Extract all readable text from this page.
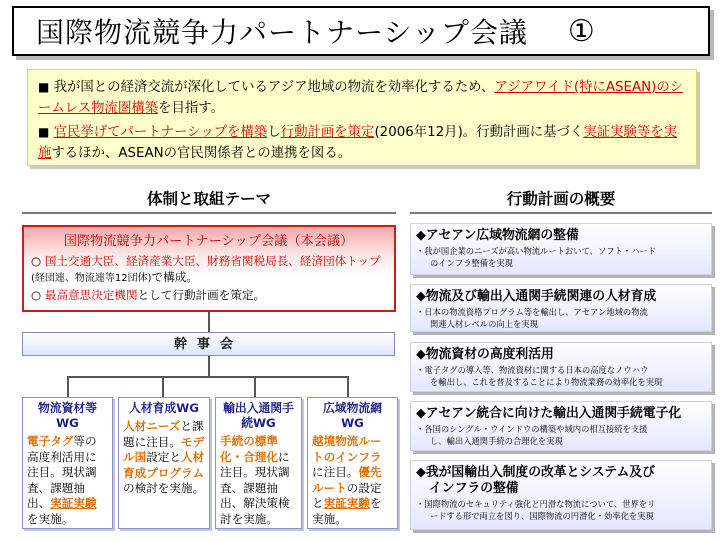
国際物流競争力パートナーシップ会議 ①

■ 我が国との経済交流が深化しているアジア地域の物流を効率化するため、アジアワイド(特にASEAN)のシームレス物流圏構築を目指す。

■ 官民挙げてパートナーシップを構築し行動計画を策定(2006年12月)。行動計画に基づく実証実験等を実施するほか、ASEANの官民関係者との連携を図る。

体制と取組テーマ	行動計画の概要
国際物流競争力パートナーシップ会議（本会議）

○ 国土交通大臣、経済産業大臣、財務省関税局長、経済団体トップ(経団連、物流連等12団体)で構成。

○ 最高意思決定機関として行動計画を策定。

幹事会
物流資材等WG
電子タグ等の高度利活用に注目。現状調査、課題抽出、実証実験を実施。
人材育成WG
人材ニーズと課題に注目。モデル国設定と人材育成プログラムの検討を実施。
輸出入通関手続WG
手続の標準化・合理化に注目。現状調査、課題抽出、解決策検討を実施。
広域物流網WG
越境物流ルートのインフラに注目。優先ルートの設定と実証実験を実施。
◆アセアン広域物流網の整備
・我が国企業のニーズが高い物流ルートおいて、ソフト・ハード
のインフラ整備を実現
◆物流及び輸出入通関手続関連の人材育成
・日本の物流資格プログラム等を輸出し、アセアン地域の物流
関連人材レベルの向上を実現
◆物流資材の高度利活用
・電子タグの導入等、物流資材に関する日本の高度なノウハウ
を輸出し、これを普及することにより物流業務の効率化を実現
◆アセアン統合に向けた輸出入通関手続電子化
・各国のシングル・ウインドウの構築や域内の相互接続を支援
し、輸出入通関手続の合理化を実現
◆我が国輸出入制度の改革とシステム及び
インフラの整備
・国際物流のセキュリティ強化と円滑な物流について、世界をリ
ードする形で両立を図り、国際物流の円滑化・効率化を実現
